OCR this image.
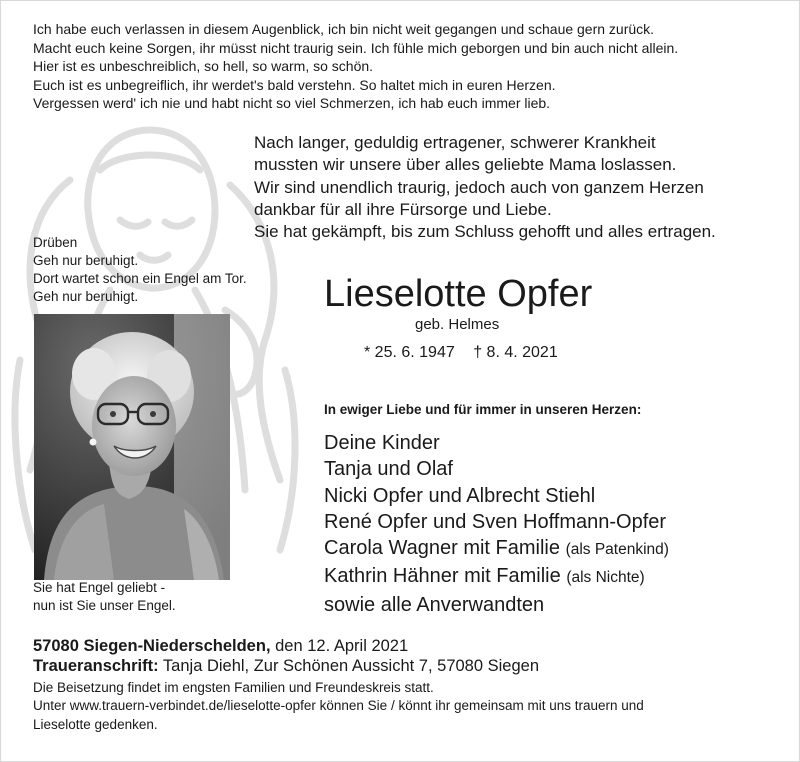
Ich habe euch verlassen in diesem Augenblick, ich bin nicht weit gegangen und schaue gern zurück.
Macht euch keine Sorgen, ihr müsst nicht traurig sein. Ich fühle mich geborgen und bin auch nicht allein.
Hier ist es unbeschreiblich, so hell, so warm, so schön.
Euch ist es unbegreiflich, ihr werdet's bald verstehn. So haltet mich in euren Herzen.
Vergessen werd' ich nie und habt nicht so viel Schmerzen, ich hab euch immer lieb.
Nach langer, geduldig ertragener, schwerer Krankheit
mussten wir unsere über alles geliebte Mama loslassen.
Wir sind unendlich traurig, jedoch auch von ganzem Herzen
dankbar für all ihre Fürsorge und Liebe.
Sie hat gekämpft, bis zum Schluss gehofft und alles ertragen.
Drüben
Geh nur beruhigt.
Dort wartet schon ein Engel am Tor.
Geh nur beruhigt.	Lieselotte Opfer
geb. Helmes
* 25. 6. 1947 † 8. 4. 2021
In ewiger Liebe und für immer in unseren Herzen:
Deine Kinder
Tanja und Olaf
Nicki Opfer und Albrecht Stiehl
René Opfer und Sven Hoffmann-Opfer
Carola Wagner mit Familie (als Patenkind)
Kathrin Hähner mit Familie (als Nichte)
sowie alle Anverwandten
Sie hat Engel geliebt -
nun ist Sie unser Engel.
57080 Siegen-Niederschelden, den 12. April 2021
Traueranschrift: Tanja Diehl, Zur Schönen Aussicht 7, 57080 Siegen
Die Beisetzung findet im engsten Familien und Freundeskreis statt.
Unter www.trauern-verbindet.de/lieselotte-opfer können Sie / könnt ihr gemeinsam mit uns trauern und
Lieselotte gedenken.
